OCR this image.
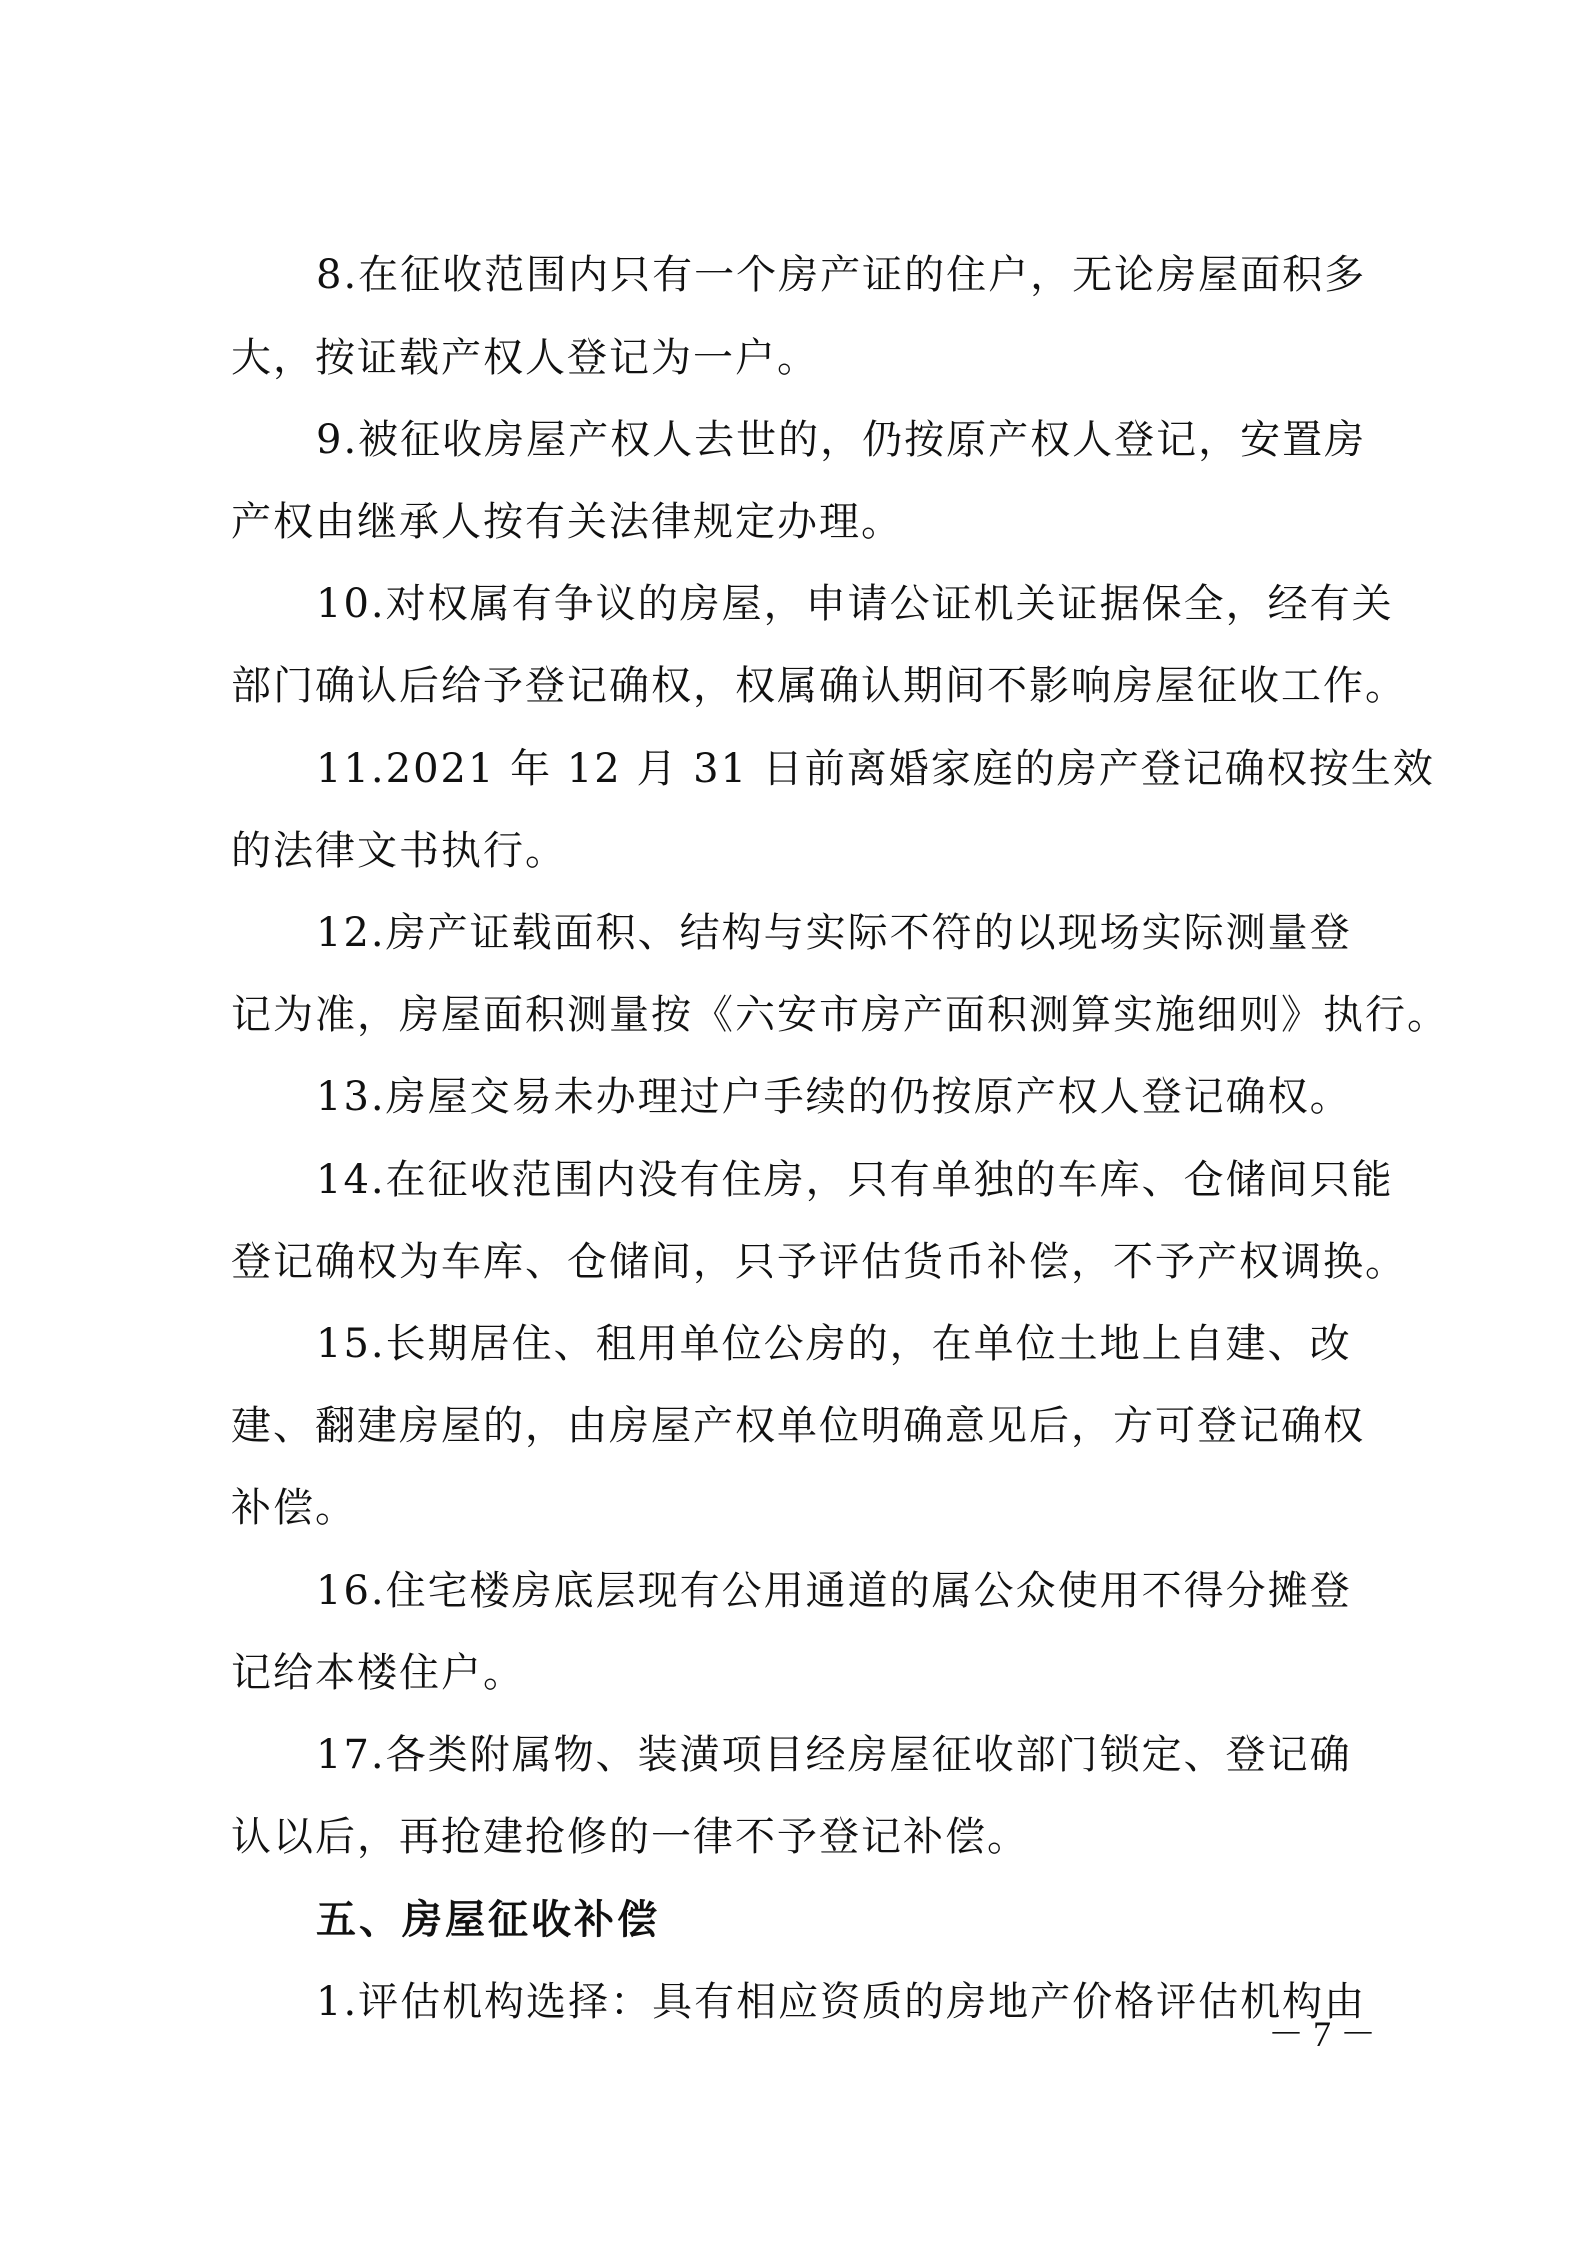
8.在征收范围内只有一个房产证的住户，无论房屋面积多
大，按证载产权人登记为一户。
9.被征收房屋产权人去世的，仍按原产权人登记，安置房
产权由继承人按有关法律规定办理。
10.对权属有争议的房屋，申请公证机关证据保全，经有关
部门确认后给予登记确权，权属确认期间不影响房屋征收工作。
11.2021 年 12 月 31 日前离婚家庭的房产登记确权按生效
的法律文书执行。
12.房产证载面积、结构与实际不符的以现场实际测量登
记为准，房屋面积测量按《六安市房产面积测算实施细则》执行。
13.房屋交易未办理过户手续的仍按原产权人登记确权。
14.在征收范围内没有住房，只有单独的车库、仓储间只能
登记确权为车库、仓储间，只予评估货币补偿，不予产权调换。
15.长期居住、租用单位公房的，在单位土地上自建、改
建、翻建房屋的，由房屋产权单位明确意见后，方可登记确权
补偿。
16.住宅楼房底层现有公用通道的属公众使用不得分摊登
记给本楼住户。
17.各类附属物、装潢项目经房屋征收部门锁定、登记确
认以后，再抢建抢修的一律不予登记补偿。
五、房屋征收补偿
1.评估机构选择：具有相应资质的房地产价格评估机构由
－ 7 －
